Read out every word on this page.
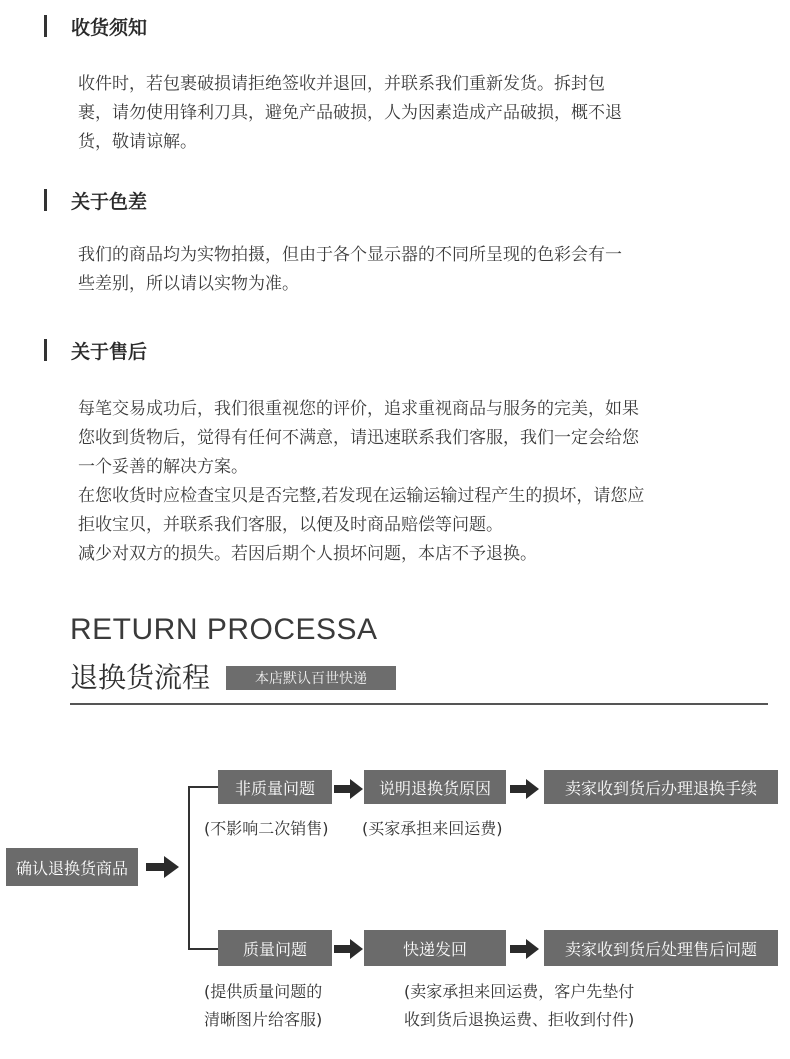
收货须知
收件时，若包裹破损请拒绝签收并退回，并联系我们重新发货。拆封包
裹，请勿使用锋利刀具，避免产品破损，人为因素造成产品破损，概不退
货，敬请谅解。
关于色差
我们的商品均为实物拍摄，但由于各个显示器的不同所呈现的色彩会有一
些差别，所以请以实物为准。
关于售后
每笔交易成功后，我们很重视您的评价，追求重视商品与服务的完美，如果
您收到货物后，觉得有任何不满意，请迅速联系我们客服，我们一定会给您
一个妥善的解决方案。
在您收货时应检查宝贝是否完整,若发现在运输运输过程产生的损坏，请您应
拒收宝贝，并联系我们客服，以便及时商品赔偿等问题。
减少对双方的损失。若因后期个人损坏问题，本店不予退换。
RETURN PROCESSA
退换货流程	本店默认百世快递
确认退换货商品
非质量问题	说明退换货原因	卖家收到货后办理退换手续
(不影响二次销售) (买家承担来回运费)
质量问题	快递发回	卖家收到货后处理售后问题
(提供质量问题的
清晰图片给客服)
(卖家承担来回运费，客户先垫付
收到货后退换运费、拒收到付件)
